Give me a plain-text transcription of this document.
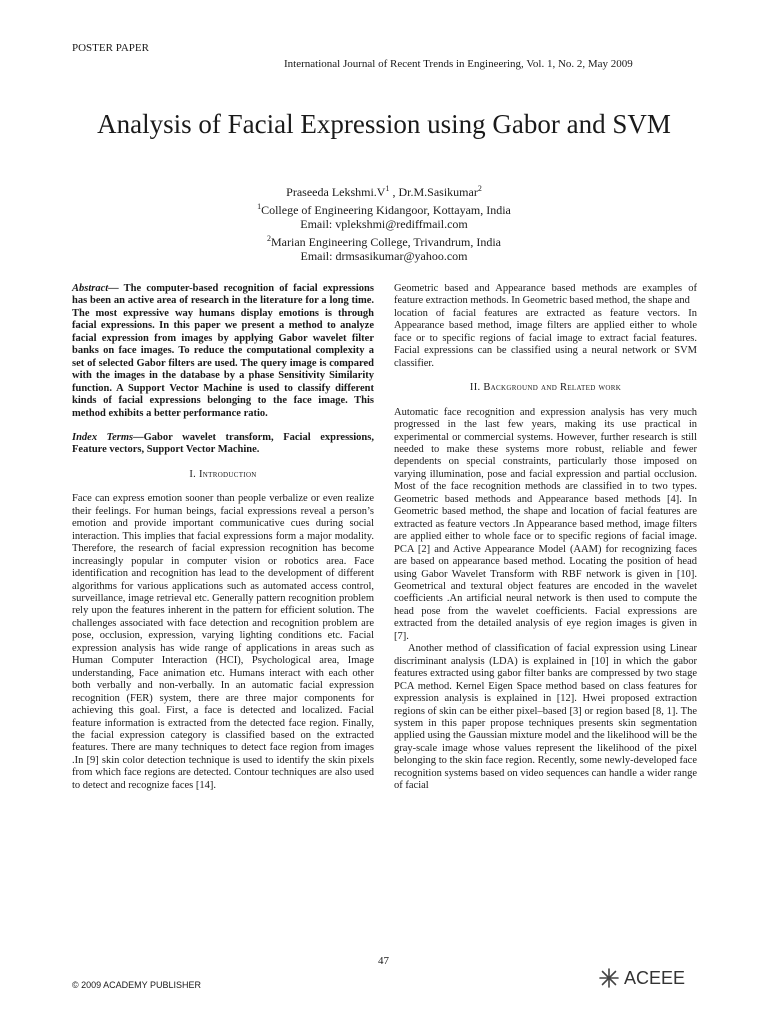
POSTER PAPER
International Journal of Recent Trends in Engineering, Vol. 1, No. 2, May 2009
Analysis of Facial Expression using Gabor and SVM
Praseeda $Lekshmi.V^1$ , Dr.M.Sasikumar$^2$
$^1$College of Engineering Kidangoor, Kottayam, India
Email: vplekshmi@rediffmail.com
$^2$Marian Engineering College, Trivandrum, India
Email: drmsasikumar@yahoo.com

Abstract— The computer-based recognition of facial expressions has been an active area of research in the literature for a long time. The most expressive way humans display emotions is through facial expressions. In this paper we present a method to analyze facial expression from images by applying Gabor wavelet filter banks on face images. To reduce the computational complexity a set of selected Gabor filters are used. The query image is compared with the images in the database by a phase Sensitivity Similarity function. A Support Vector Machine is used to classify different kinds of facial expressions belonging to the face image. This method exhibits a better performance ratio.

Index Terms—Gabor wavelet transform, Facial expressions, Feature vectors, Support Vector Machine.

I. Introduction

Face can express emotion sooner than people verbalize or even realize their feelings. For human beings, facial expressions reveal a person’s emotion and provide important communicative cues during social interaction. This implies that facial expressions form a major modality. Therefore, the research of facial expression recognition has become increasingly popular in computer vision or robotics area. Face identification and recognition has lead to the development of different algorithms for various applications such as automated access control, surveillance, image retrieval etc. Generally pattern recognition problem rely upon the features inherent in the pattern for efficient solution. The challenges associated with face detection and recognition problem are pose, occlusion, expression, varying lighting conditions etc. Facial expression analysis has wide range of applications in areas such as Human Computer Interaction (HCI), Psychological area, Image understanding, Face animation etc. Humans interact with each other both verbally and non-verbally. In an automatic facial expression recognition (FER) system, there are three major components for achieving this goal. First, a face is detected and localized. Facial feature information is extracted from the detected face region. Finally, the facial expression category is classified based on the extracted features. There are many techniques to detect face region from images .In [9] skin color detection technique is used to identify the skin pixels from which face regions are detected. Contour techniques are also used to detect and recognize faces [14].

Geometric based and Appearance based methods are examples of feature extraction methods. In Geometric based method, the shape and

location of facial features are extracted as feature vectors. In Appearance based method, image filters are applied either to whole face or to specific regions of facial image to extract facial features. Facial expressions can be classified using a neural network or SVM classifier.

II. Background and Related work

Automatic face recognition and expression analysis has very much progressed in the last few years, making its use practical in experimental or commercial systems. However, further research is still needed to make these systems more robust, reliable and fewer dependents on special constraints, particularly those imposed on varying illumination, pose and facial expression and partial occlusion. Most of the face recognition methods are classified in to two types. Geometric based methods and Appearance based methods [4]. In Geometric based method, the shape and location of facial features are extracted as feature vectors .In Appearance based method, image filters are applied either to whole face or to specific regions of facial image. PCA [2] and Active Appearance Model (AAM) for recognizing faces are based on appearance based method. Locating the position of head using Gabor Wavelet Transform with RBF network is given in [10]. Geometrical and textural object features are encoded in the wavelet coefficients .An artificial neural network is then used to compute the head pose from the wavelet coefficients. Facial expressions are extracted from the detailed analysis of eye region images is given in [7].

Another method of classification of facial expression using Linear discriminant analysis (LDA) is explained in [10] in which the gabor features extracted using gabor filter banks are compressed by two stage PCA method. Kernel Eigen Space method based on class features for expression analysis is explained in [12]. Hwei proposed extraction regions of skin can be either pixel–based [3] or region based [8, 1]. The system in this paper propose techniques presents skin segmentation applied using the Gaussian mixture model and the likelihood will be the gray-scale image whose values represent the likelihood of the pixel belonging to the skin face region. Recently, some newly-developed face recognition systems based on video sequences can handle a wider range of facial

47
© 2009 ACADEMY PUBLISHER	ACEEE
